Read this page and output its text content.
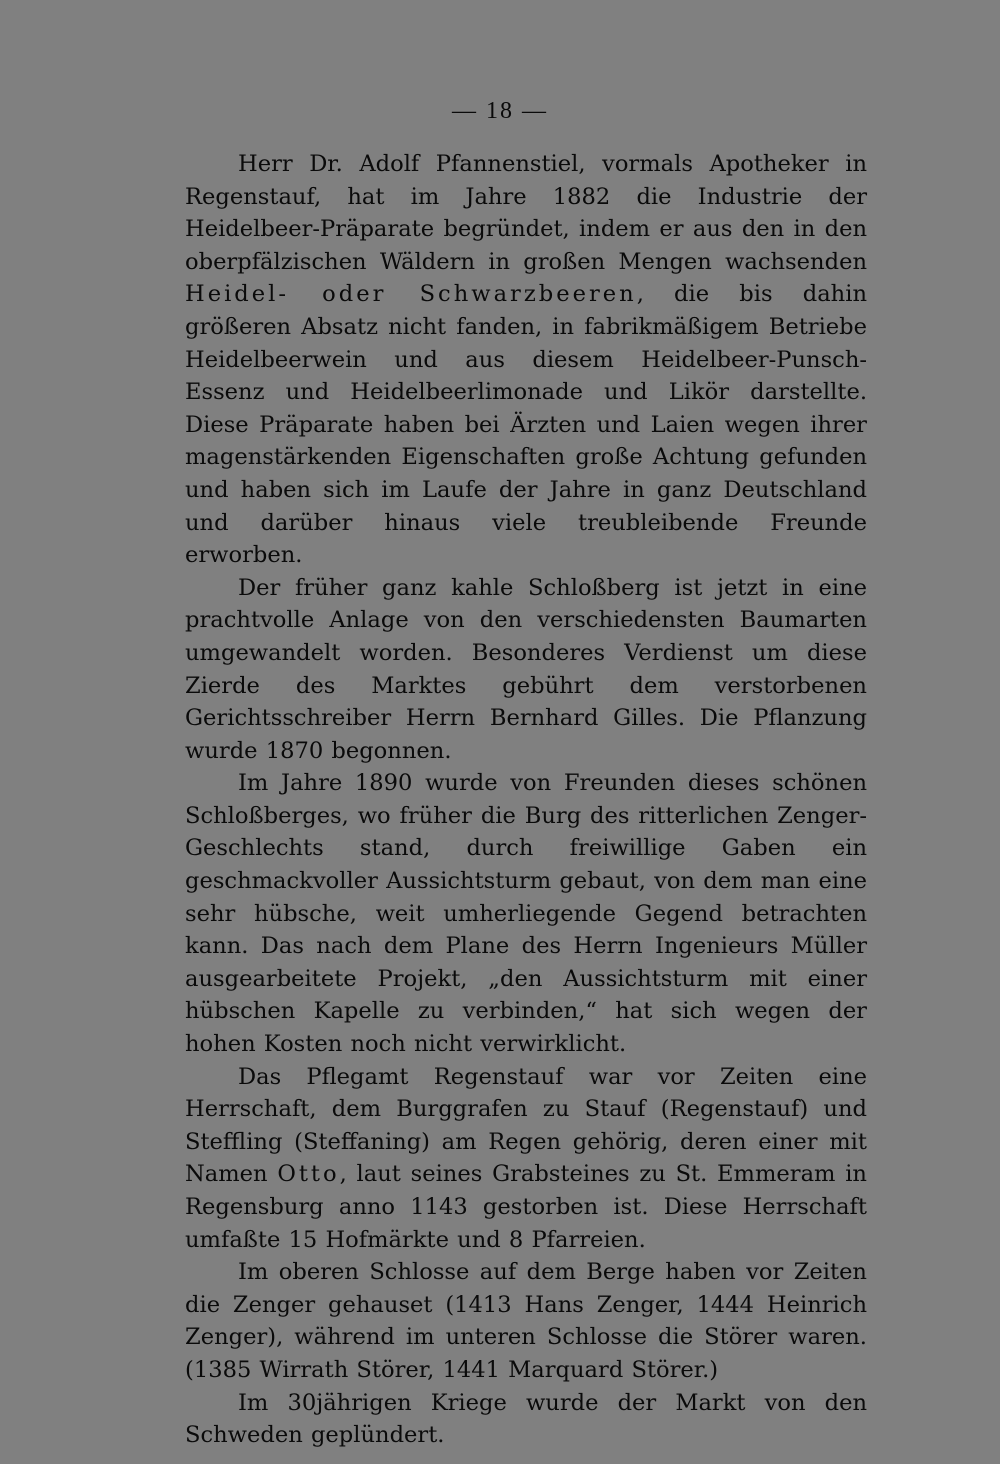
— 18 —

Herr Dr. Adolf Pfannenstiel, vormals Apotheker in Regenstauf, hat im Jahre 1882 die Industrie der Heidelbeer-Präparate begründet, indem er aus den in den oberpfälzischen Wäldern in großen Mengen wachsenden Heidel- oder Schwarzbeeren, die bis dahin größeren Absatz nicht fanden, in fabrikmäßigem Betriebe Heidelbeerwein und aus diesem Heidelbeer-Punsch-Essenz und Heidelbeerlimonade und Likör darstellte. Diese Präparate haben bei Ärzten und Laien wegen ihrer magenstärkenden Eigenschaften große Achtung gefunden und haben sich im Laufe der Jahre in ganz Deutschland und darüber hinaus viele treubleibende Freunde erworben.

Der früher ganz kahle Schloßberg ist jetzt in eine prachtvolle Anlage von den verschiedensten Baumarten umgewandelt worden. Besonderes Verdienst um diese Zierde des Marktes gebührt dem verstorbenen Gerichtsschreiber Herrn Bernhard Gilles. Die Pflanzung wurde 1870 begonnen.

Im Jahre 1890 wurde von Freunden dieses schönen Schloßberges, wo früher die Burg des ritterlichen Zenger-Geschlechts stand, durch freiwillige Gaben ein geschmackvoller Aussichtsturm gebaut, von dem man eine sehr hübsche, weit umherliegende Gegend betrachten kann. Das nach dem Plane des Herrn Ingenieurs Müller ausgearbeitete Projekt, „den Aussichtsturm mit einer hübschen Kapelle zu verbinden,“ hat sich wegen der hohen Kosten noch nicht verwirklicht.

Das Pflegamt Regenstauf war vor Zeiten eine Herrschaft, dem Burggrafen zu Stauf (Regenstauf) und Steffling (Steffaning) am Regen gehörig, deren einer mit Namen Otto, laut seines Grabsteines zu St. Emmeram in Regensburg anno 1143 gestorben ist. Diese Herrschaft umfaßte 15 Hofmärkte und 8 Pfarreien.

Im oberen Schlosse auf dem Berge haben vor Zeiten die Zenger gehauset (1413 Hans Zenger, 1444 Heinrich Zenger), während im unteren Schlosse die Störer waren. (1385 Wirrath Störer, 1441 Marquard Störer.)

Im 30jährigen Kriege wurde der Markt von den Schweden geplündert.
